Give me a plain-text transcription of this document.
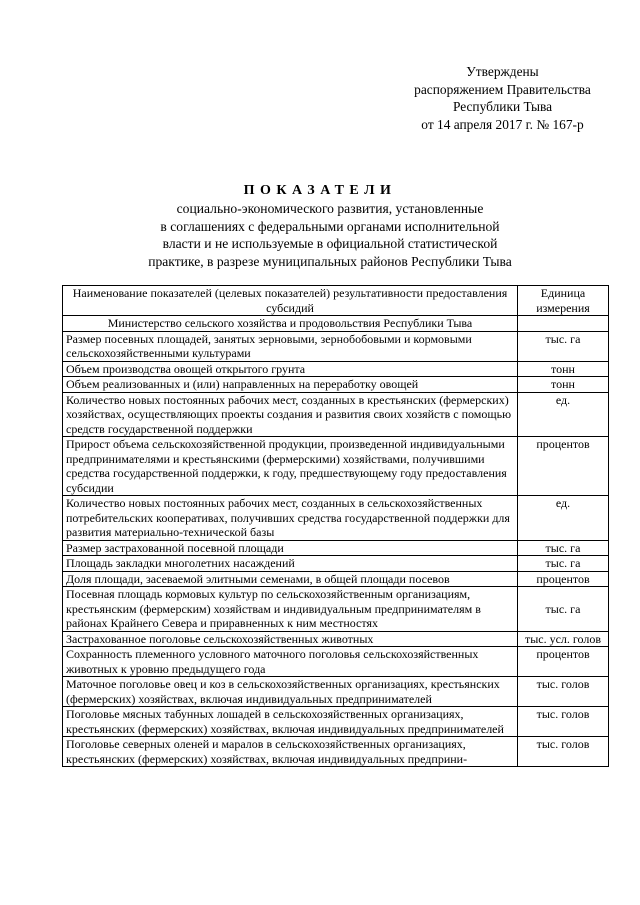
Утверждены
распоряжением Правительства
Республики Тыва
от 14 апреля 2017 г. № 167-р
ПОКАЗАТЕЛИ
социально-экономического развития, установленные
в соглашениях с федеральными органами исполнительной
власти и не используемые в официальной статистической
практике, в разрезе муниципальных районов Республики Тыва
Наименование показателей (целевых показателей) результативности предоставления субсидий	Единица измерения
Министерство сельского хозяйства и продовольствия Республики Тыва	
Размер посевных площадей, занятых зерновыми, зернобобовыми и кормовыми сельскохозяйственными культурами	тыс. га
Объем производства овощей открытого грунта	тонн
Объем реализованных и (или) направленных на переработку овощей	тонн
Количество новых постоянных рабочих мест, созданных в крестьянских (фермерских) хозяйствах, осуществляющих проекты создания и развития своих хозяйств с помощью средств государственной поддержки	ед.
Прирост объема сельскохозяйственной продукции, произведенной индивидуальными предпринимателями и крестьянскими (фермерскими) хозяйствами, получившими средства государственной поддержки, к году, предшествующему году предоставления субсидии	процентов
Количество новых постоянных рабочих мест, созданных в сельскохозяйственных потребительских кооперативах, получивших средства государственной поддержки для развития материально-технической базы	ед.
Размер застрахованной посевной площади	тыс. га
Площадь закладки многолетних насаждений	тыс. га
Доля площади, засеваемой элитными семенами, в общей площади посевов	процентов
Посевная площадь кормовых культур по сельскохозяйственным организациям, крестьянским (фермерским) хозяйствам и индивидуальным предпринимателям в районах Крайнего Севера и приравненных к ним местностях	тыс. га
Застрахованное поголовье сельскохозяйственных животных	тыс. усл. голов
Сохранность племенного условного маточного поголовья сельскохозяйственных животных к уровню предыдущего года	процентов
Маточное поголовье овец и коз в сельскохозяйственных организациях, крестьянских (фермерских) хозяйствах, включая индивидуальных предпринимателей	тыс. голов
Поголовье мясных табунных лошадей в сельскохозяйственных организациях, крестьянских (фермерских) хозяйствах, включая индивидуальных предпринимателей	тыс. голов
Поголовье северных оленей и маралов в сельскохозяйственных организациях, крестьянских (фермерских) хозяйствах, включая индивидуальных предприни-	тыс. голов
